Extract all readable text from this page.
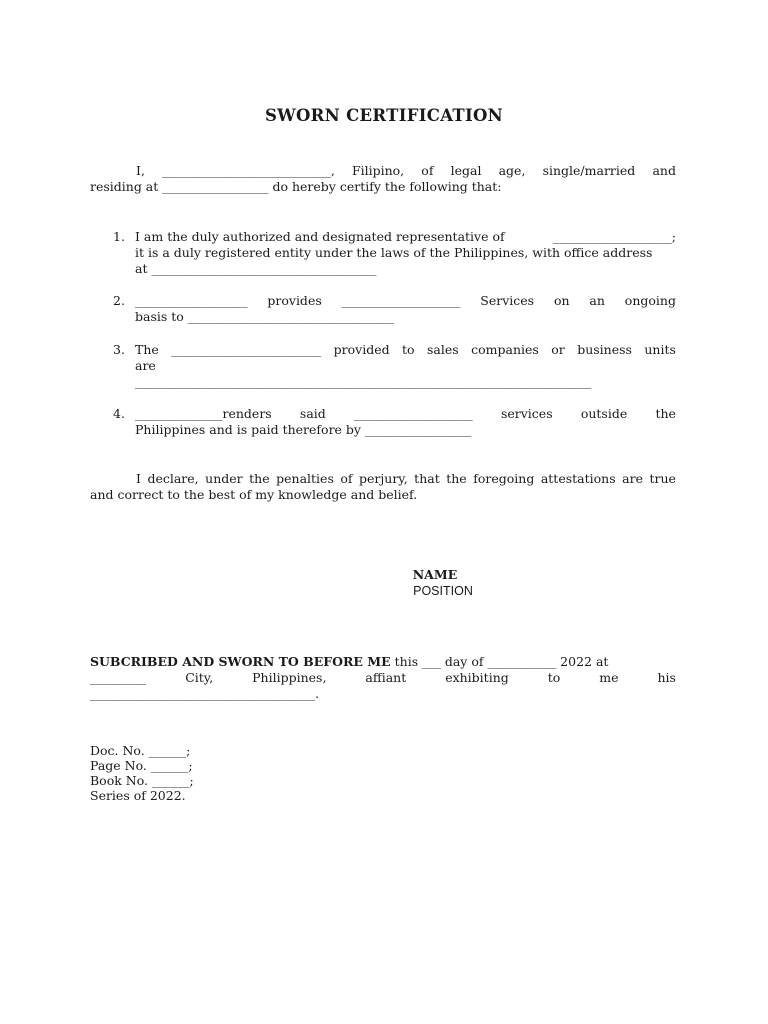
SWORN CERTIFICATION
I, ___________________________, Filipino, of legal age, single/married and
residing at _________________ do hereby certify the following that:
1. I am the duly authorized and designated representative of	___________________;
it is a duly registered entity under the laws of the Philippines, with office address
at ____________________________________
2. __________________ provides ___________________ Services on an ongoing
basis to _________________________________
3. The ________________________ provided to sales companies or business units
are
_________________________________________________________________________
4. ______________renders said ___________________ services outside the
Philippines and is paid therefore by _________________
I declare, under the penalties of perjury, that the foregoing attestations are true
and correct to the best of my knowledge and belief.
NAME
POSITION
SUBCRIBED AND SWORN TO BEFORE ME this ___ day of ___________ 2022 at
_________	City,	Philippines,	affiant	exhibiting	to	me	his
____________________________________.
Doc. No. ______;
Page No. ______;
Book No. ______;
Series of 2022.
